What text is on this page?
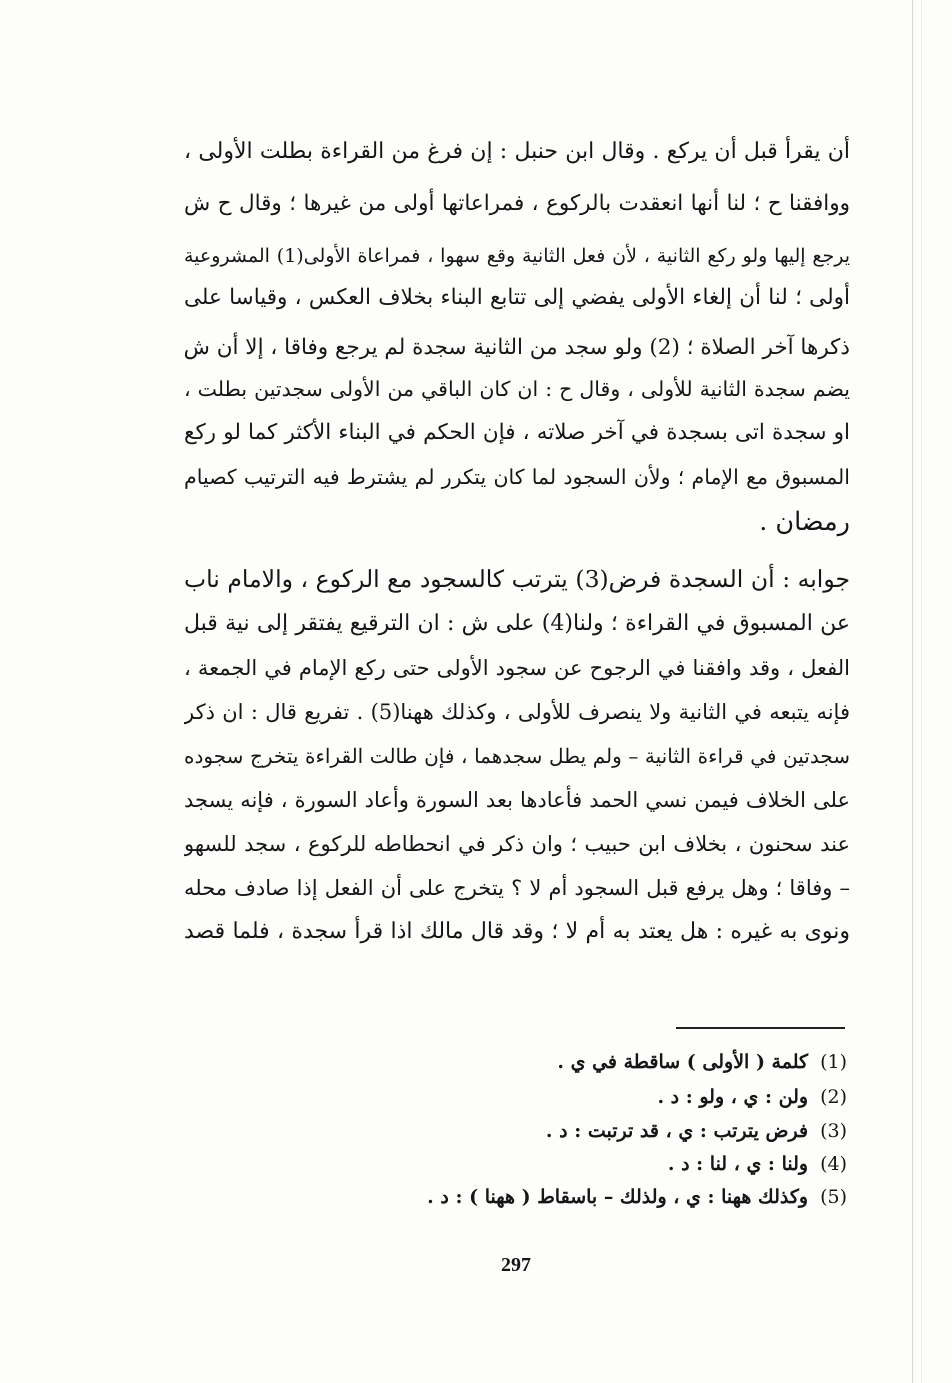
أن يقرأ قبل أن يركع . وقال ابن حنبل : إن فرغ من القراءة بطلت الأولى ،
ووافقنا ح ؛ لنا أنها انعقدت بالركوع ، فمراعاتها أولى من غيرها ؛ وقال ح ش
يرجع إليها ولو ركع الثانية ، لأن فعل الثانية وقع سهوا ، فمراعاة الأولى(1) المشروعية
أولى ؛ لنا أن إلغاء الأولى يفضي إلى تتابع البناء بخلاف العكس ، وقياسا على
ذكرها آخر الصلاة ؛ (2) ولو سجد من الثانية سجدة لم يرجع وفاقا ، إلا أن ش
يضم سجدة الثانية للأولى ، وقال ح : ان كان الباقي من الأولى سجدتين بطلت ،
او سجدة اتى بسجدة في آخر صلاته ، فإن الحكم في البناء الأكثر كما لو ركع
المسبوق مع الإمام ؛ ولأن السجود لما كان يتكرر لم يشترط فيه الترتيب كصيام
رمضان .
جوابه : أن السجدة فرض(3) يترتب كالسجود مع الركوع ، والامام ناب
عن المسبوق في القراءة ؛ ولنا(4) على ش : ان الترقيع يفتقر إلى نية قبل
الفعل ، وقد وافقنا في الرجوح عن سجود الأولى حتى ركع الإمام في الجمعة ،
فإنه يتبعه في الثانية ولا ينصرف للأولى ، وكذلك ههنا(5) . تفريع قال : ان ذكر
سجدتين في قراءة الثانية – ولم يطل سجدهما ، فإن طالت القراءة يتخرج سجوده
على الخلاف فيمن نسي الحمد فأعادها بعد السورة وأعاد السورة ، فإنه يسجد
عند سحنون ، بخلاف ابن حبيب ؛ وان ذكر في انحطاطه للركوع ، سجد للسهو
– وفاقا ؛ وهل يرفع قبل السجود أم لا ؟ يتخرج على أن الفعل إذا صادف محله
ونوى به غيره : هل يعتد به أم لا ؛ وقد قال مالك اذا قرأ سجدة ، فلما قصد
(1)كلمة ( الأولى ) ساقطة في ي .
(2)ولن : ي ، ولو : د .
(3)فرض يترتب : ي ، قد ترتبت : د .
(4)ولنا : ي ، لنا : د .
(5)وكذلك ههنا : ي ، ولذلك – باسقاط ( ههنا ) : د .
297
